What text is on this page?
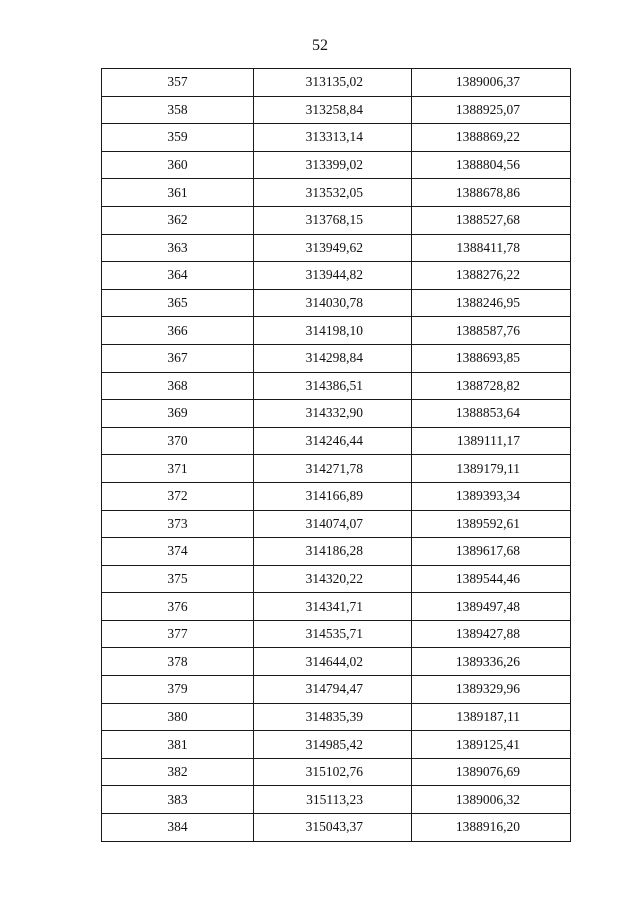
52
357	313135,02	1389006,37
358	313258,84	1388925,07
359	313313,14	1388869,22
360	313399,02	1388804,56
361	313532,05	1388678,86
362	313768,15	1388527,68
363	313949,62	1388411,78
364	313944,82	1388276,22
365	314030,78	1388246,95
366	314198,10	1388587,76
367	314298,84	1388693,85
368	314386,51	1388728,82
369	314332,90	1388853,64
370	314246,44	1389111,17
371	314271,78	1389179,11
372	314166,89	1389393,34
373	314074,07	1389592,61
374	314186,28	1389617,68
375	314320,22	1389544,46
376	314341,71	1389497,48
377	314535,71	1389427,88
378	314644,02	1389336,26
379	314794,47	1389329,96
380	314835,39	1389187,11
381	314985,42	1389125,41
382	315102,76	1389076,69
383	315113,23	1389006,32
384	315043,37	1388916,20
